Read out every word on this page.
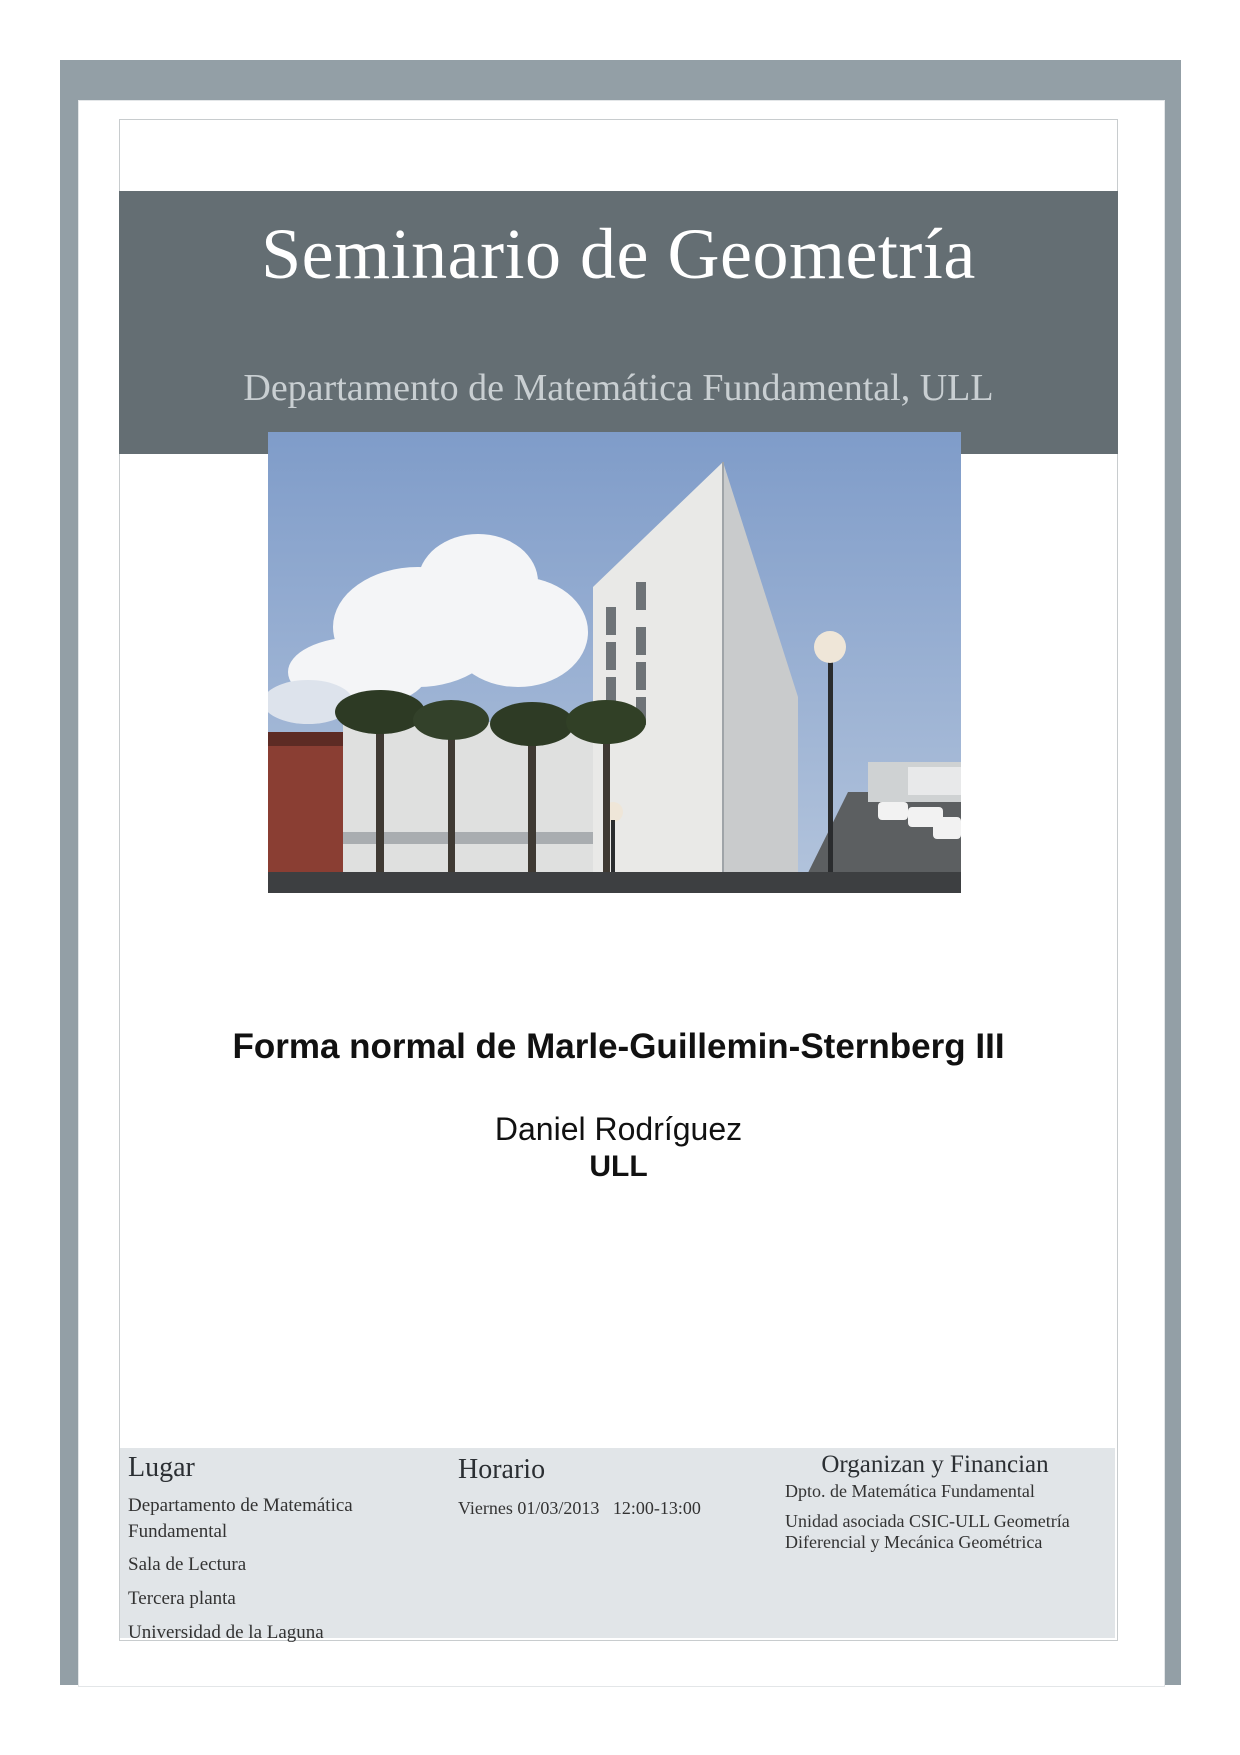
Seminario de Geometría
Departamento de Matemática Fundamental, ULL
Forma normal de Marle-Guillemin-Sternberg III
Daniel Rodríguez
ULL
Lugar
Departamento de Matemática
Fundamental
Sala de Lectura
Tercera planta
Universidad de la Laguna
Horario
Viernes 01/03/2013   12:00-13:00
Organizan y Financian
Dpto. de Matemática Fundamental
Unidad asociada CSIC-ULL Geometría
Diferencial y Mecánica Geométrica
